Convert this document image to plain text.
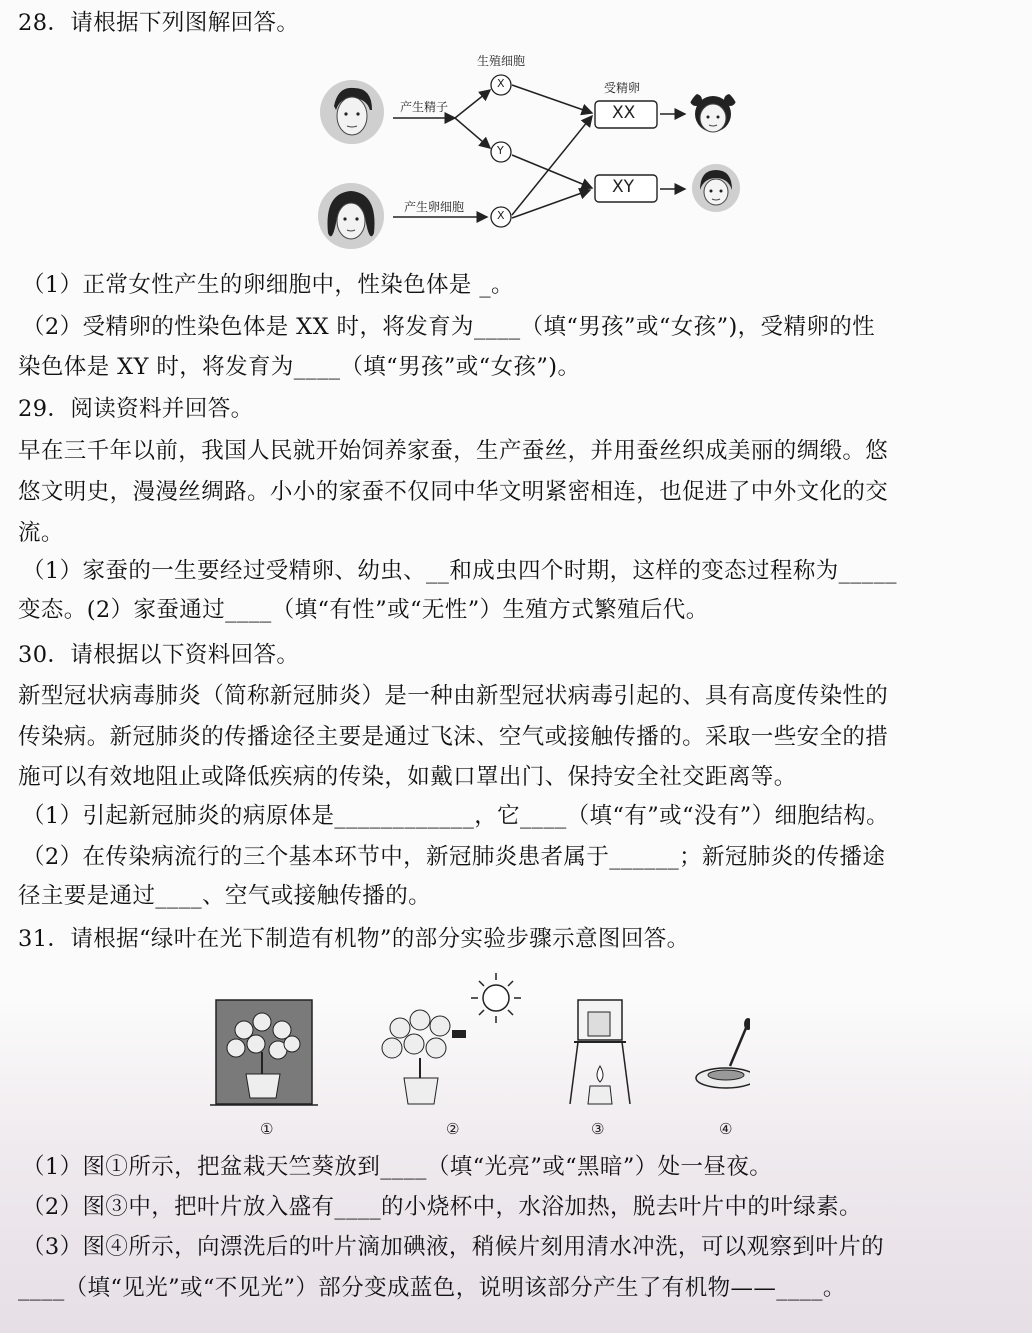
28．请根据下列图解回答。
生殖细胞
受精卵
产生精子
产生卵细胞
X
Y
X
XX
XY
（1）正常女性产生的卵细胞中，性染色体是 _。
（2）受精卵的性染色体是 XX 时，将发育为____（填“男孩”或“女孩”)，受精卵的性
染色体是 XY 时，将发育为____（填“男孩”或“女孩”)。
29．阅读资料并回答。
早在三千年以前，我国人民就开始饲养家蚕，生产蚕丝，并用蚕丝织成美丽的绸缎。悠
悠文明史，漫漫丝绸路。小小的家蚕不仅同中华文明紧密相连，也促进了中外文化的交
流。
（1）家蚕的一生要经过受精卵、幼虫、__和成虫四个时期，这样的变态过程称为_____
变态。(2）家蚕通过____（填“有性”或“无性”）生殖方式繁殖后代。
30．请根据以下资料回答。
新型冠状病毒肺炎（简称新冠肺炎）是一种由新型冠状病毒引起的、具有高度传染性的
传染病。新冠肺炎的传播途径主要是通过飞沫、空气或接触传播的。采取一些安全的措
施可以有效地阻止或降低疾病的传染，如戴口罩出门、保持安全社交距离等。
（1）引起新冠肺炎的病原体是____________，它____（填“有”或“没有”）细胞结构。
（2）在传染病流行的三个基本环节中，新冠肺炎患者属于______；新冠肺炎的传播途
径主要是通过____、空气或接触传播的。
31．请根据“绿叶在光下制造有机物”的部分实验步骤示意图回答。
①	②	③	④
（1）图①所示，把盆栽天竺葵放到____（填“光亮”或“黑暗”）处一昼夜。
（2）图③中，把叶片放入盛有____的小烧杯中，水浴加热，脱去叶片中的叶绿素。
（3）图④所示，向漂洗后的叶片滴加碘液，稍候片刻用清水冲洗，可以观察到叶片的
____（填“见光”或“不见光”）部分变成蓝色，说明该部分产生了有机物——____。
